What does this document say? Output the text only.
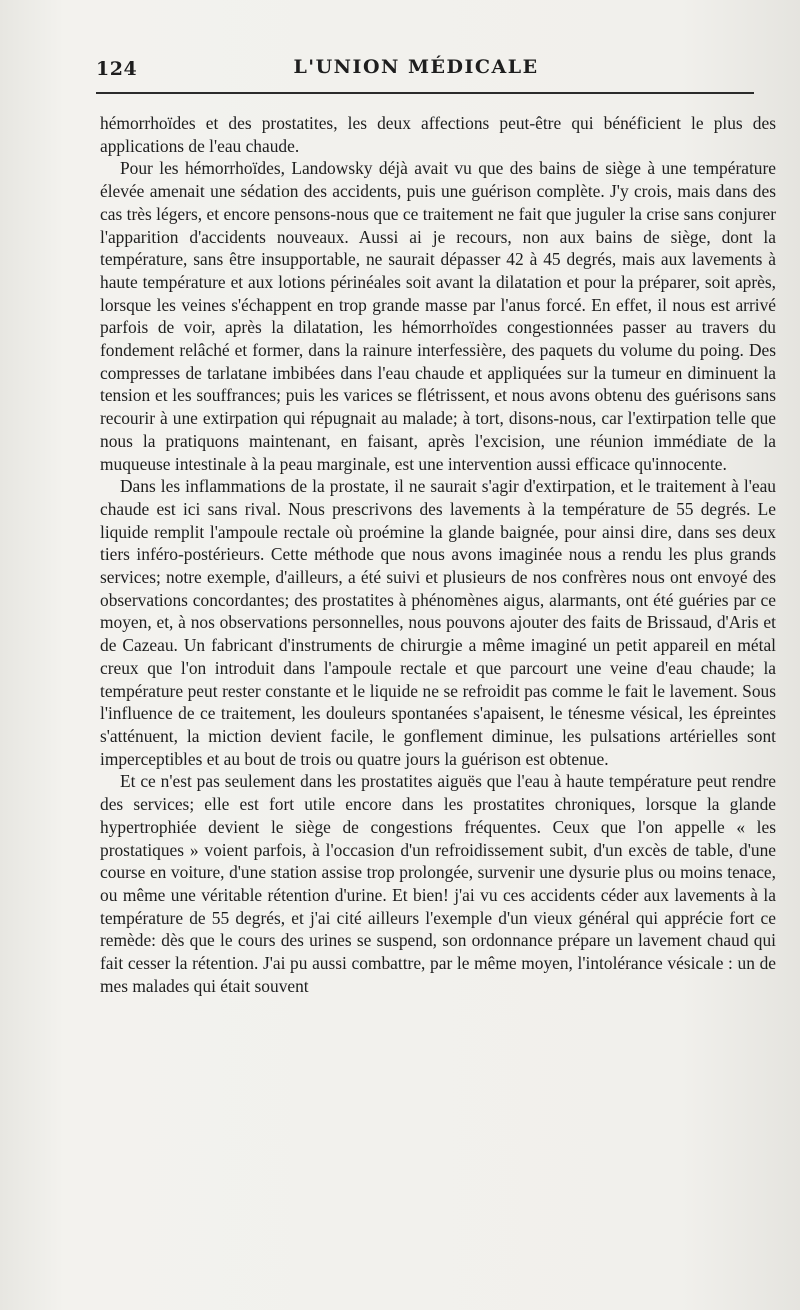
124	L'UNION MÉDICALE

hémorrhoïdes et des prostatites, les deux affections peut-être qui bénéficient le plus des applications de l'eau chaude.

Pour les hémorrhoïdes, Landowsky déjà avait vu que des bains de siège à une température élevée amenait une sédation des accidents, puis une guérison complète. J'y crois, mais dans des cas très légers, et encore pensons-nous que ce traitement ne fait que juguler la crise sans conjurer l'apparition d'accidents nouveaux. Aussi ai je recours, non aux bains de siège, dont la température, sans être insupportable, ne saurait dépasser 42 à 45 degrés, mais aux lavements à haute température et aux lotions périnéales soit avant la dilatation et pour la préparer, soit après, lorsque les veines s'échappent en trop grande masse par l'anus forcé. En effet, il nous est arrivé parfois de voir, après la dilatation, les hémorrhoïdes congestionnées passer au travers du fondement relâché et former, dans la rainure interfessière, des paquets du volume du poing. Des compresses de tarlatane imbibées dans l'eau chaude et appliquées sur la tumeur en diminuent la tension et les souffrances; puis les varices se flétrissent, et nous avons obtenu des guérisons sans recourir à une extirpation qui répugnait au malade; à tort, disons-nous, car l'extirpation telle que nous la pratiquons maintenant, en faisant, après l'excision, une réunion immédiate de la muqueuse intestinale à la peau marginale, est une intervention aussi efficace qu'innocente.

Dans les inflammations de la prostate, il ne saurait s'agir d'extirpation, et le traitement à l'eau chaude est ici sans rival. Nous prescrivons des lavements à la température de 55 degrés. Le liquide remplit l'ampoule rectale où proémine la glande baignée, pour ainsi dire, dans ses deux tiers inféro-postérieurs. Cette méthode que nous avons imaginée nous a rendu les plus grands services; notre exemple, d'ailleurs, a été suivi et plusieurs de nos confrères nous ont envoyé des observations concordantes; des prostatites à phénomènes aigus, alarmants, ont été guéries par ce moyen, et, à nos observations personnelles, nous pouvons ajouter des faits de Brissaud, d'Aris et de Cazeau. Un fabricant d'instruments de chirurgie a même imaginé un petit appareil en métal creux que l'on introduit dans l'ampoule rectale et que parcourt une veine d'eau chaude; la température peut rester constante et le liquide ne se refroidit pas comme le fait le lavement. Sous l'influence de ce traitement, les douleurs spontanées s'apaisent, le ténesme vésical, les épreintes s'atténuent, la miction devient facile, le gonflement diminue, les pulsations artérielles sont imperceptibles et au bout de trois ou quatre jours la guérison est obtenue.

Et ce n'est pas seulement dans les prostatites aiguës que l'eau à haute température peut rendre des services; elle est fort utile encore dans les prostatites chroniques, lorsque la glande hypertrophiée devient le siège de congestions fréquentes. Ceux que l'on appelle « les prostatiques » voient parfois, à l'occasion d'un refroidissement subit, d'un excès de table, d'une course en voiture, d'une station assise trop prolongée, survenir une dysurie plus ou moins tenace, ou même une véritable rétention d'urine. Et bien! j'ai vu ces accidents céder aux lavements à la température de 55 degrés, et j'ai cité ailleurs l'exemple d'un vieux général qui apprécie fort ce remède: dès que le cours des urines se suspend, son ordonnance prépare un lavement chaud qui fait cesser la rétention. J'ai pu aussi combattre, par le même moyen, l'intolérance vésicale : un de mes malades qui était souvent
